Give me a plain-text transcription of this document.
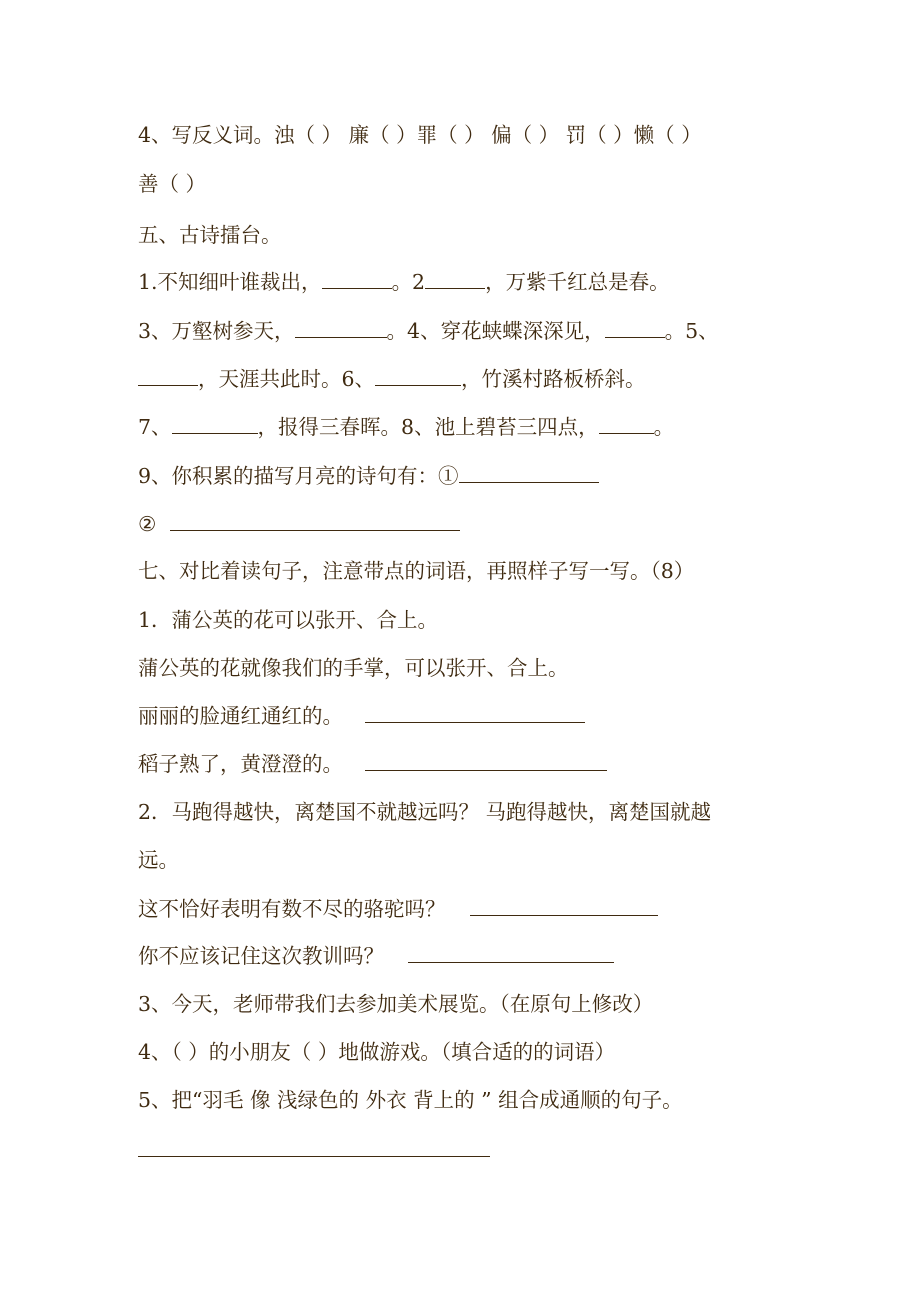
4、写反义词。浊（ ） 廉（ ）罪（ ） 偏（ ） 罚（ ）懒（ ）
善（ ）
五、古诗擂台。
1.不知细叶谁裁出，	。2	，万紫千红总是春。
3、万壑树参天，	。4、穿花蛱蝶深深见，	。5、
，天涯共此时。6、	，竹溪村路板桥斜。
7、	，报得三春晖。8、池上碧苔三四点，	。
9、你积累的描写月亮的诗句有：①
②
七、对比着读句子，注意带点的词语，再照样子写一写。（8）
1．蒲公英的花可以张开、合上。
蒲公英的花就像我们的手掌，可以张开、合上。
丽丽的脸通红通红的。
稻子熟了，黄澄澄的。
2．马跑得越快，离楚国不就越远吗？ 马跑得越快，离楚国就越
远。
这不恰好表明有数不尽的骆驼吗？
你不应该记住这次教训吗？
3、今天，老师带我们去参加美术展览。（在原句上修改）
4、（ ）的小朋友（ ）地做游戏。（填合适的的词语）
5、把“羽毛 像 浅绿色的 外衣 背上的 ” 组合成通顺的句子。
